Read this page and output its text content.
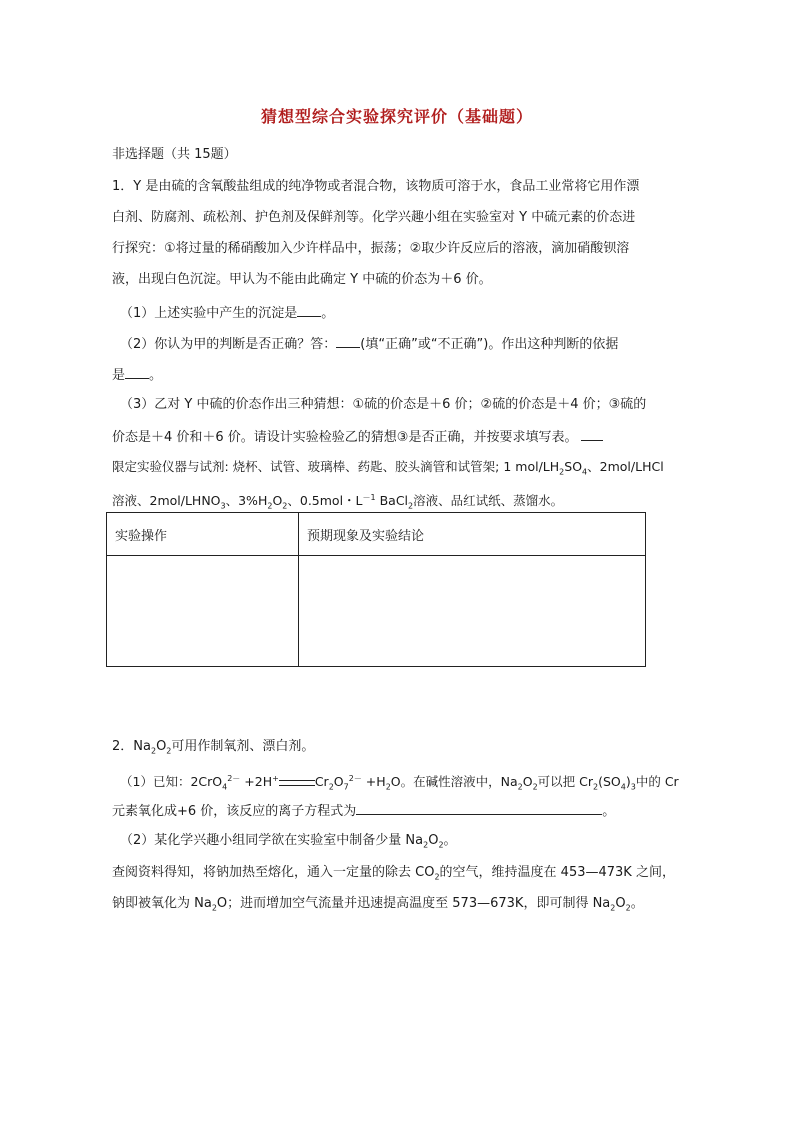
猜想型综合实验探究评价（基础题）
非选择题（共 15题）
1．Y 是由硫的含氧酸盐组成的纯净物或者混合物，该物质可溶于水，食品工业常将它用作漂
白剂、防腐剂、疏松剂、护色剂及保鲜剂等。化学兴趣小组在实验室对 Y 中硫元素的价态进
行探究：①将过量的稀硝酸加入少许样品中，振荡；②取少许反应后的溶液，滴加硝酸钡溶
液，出现白色沉淀。甲认为不能由此确定 Y 中硫的价态为＋6 价。
（1）上述实验中产生的沉淀是 。
（2）你认为甲的判断是否正确？答： (填“正确”或“不正确”)。作出这种判断的依据
是 。
（3）乙对 Y 中硫的价态作出三种猜想：①硫的价态是＋6 价；②硫的价态是＋4 价；③硫的
价态是＋4 价和＋6 价。请设计实验检验乙的猜想③是否正确，并按要求填写表。
限定实验仪器与试剂: 烧杯、试管、玻璃棒、药匙、胶头滴管和试管架; 1 mol/$LH_2SO_4$、2mol/LHCl
溶液、$2mol/LHNO_3$、$3\%H_2O_2$、0.5mol・$L^{-1}$ BaCl$_2$溶液、品红试纸、蒸馏水。
实验操作	预期现象及实验结论

2．$Na_2O_2$可用作制氧剂、漂白剂。
（1）已知：2CrO$_4^{2-}$ +2H+	$Cr_2O_7^{2-} +H_2O$。在碱性溶液中，$Na_2O_2$可以把 $Cr_2(SO_4)_3$中的 Cr
元素氧化成+6 价，该反应的离子方程式为	。
（2）某化学兴趣小组同学欲在实验室中制备少量 $Na_2O_2$。
查阅资料得知，将钠加热至熔化，通入一定量的除去 $CO_2$的空气，维持温度在 453—473K 之间，
钠即被氧化为 $Na_2O$；进而增加空气流量并迅速提高温度至 573—673K，即可制得 $Na_2O_2$。
